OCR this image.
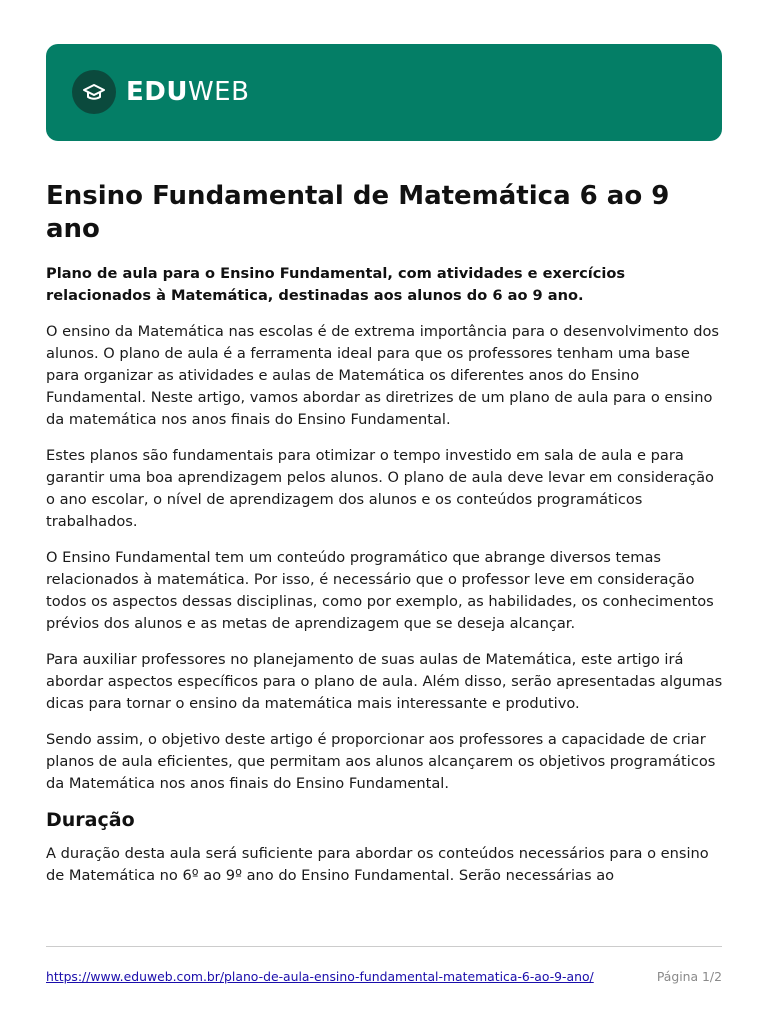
EDUWEB
Ensino Fundamental de Matemática 6 ao 9 ano

Plano de aula para o Ensino Fundamental, com atividades e exercícios relacionados à Matemática, destinadas aos alunos do 6 ao 9 ano.

O ensino da Matemática nas escolas é de extrema importância para o desenvolvimento dos alunos. O plano de aula é a ferramenta ideal para que os professores tenham uma base para organizar as atividades e aulas de Matemática os diferentes anos do Ensino Fundamental. Neste artigo, vamos abordar as diretrizes de um plano de aula para o ensino da matemática nos anos finais do Ensino Fundamental.

Estes planos são fundamentais para otimizar o tempo investido em sala de aula e para garantir uma boa aprendizagem pelos alunos. O plano de aula deve levar em consideração o ano escolar, o nível de aprendizagem dos alunos e os conteúdos programáticos trabalhados.

O Ensino Fundamental tem um conteúdo programático que abrange diversos temas relacionados à matemática. Por isso, é necessário que o professor leve em consideração todos os aspectos dessas disciplinas, como por exemplo, as habilidades, os conhecimentos prévios dos alunos e as metas de aprendizagem que se deseja alcançar.

Para auxiliar professores no planejamento de suas aulas de Matemática, este artigo irá abordar aspectos específicos para o plano de aula. Além disso, serão apresentadas algumas dicas para tornar o ensino da matemática mais interessante e produtivo.

Sendo assim, o objetivo deste artigo é proporcionar aos professores a capacidade de criar planos de aula eficientes, que permitam aos alunos alcançarem os objetivos programáticos da Matemática nos anos finais do Ensino Fundamental.

Duração

A duração desta aula será suficiente para abordar os conteúdos necessários para o ensino de Matemática no 6º ao 9º ano do Ensino Fundamental. Serão necessárias ao

https://www.eduweb.com.br/plano-de-aula-ensino-fundamental-matematica-6-ao-9-ano/	Página 1/2
